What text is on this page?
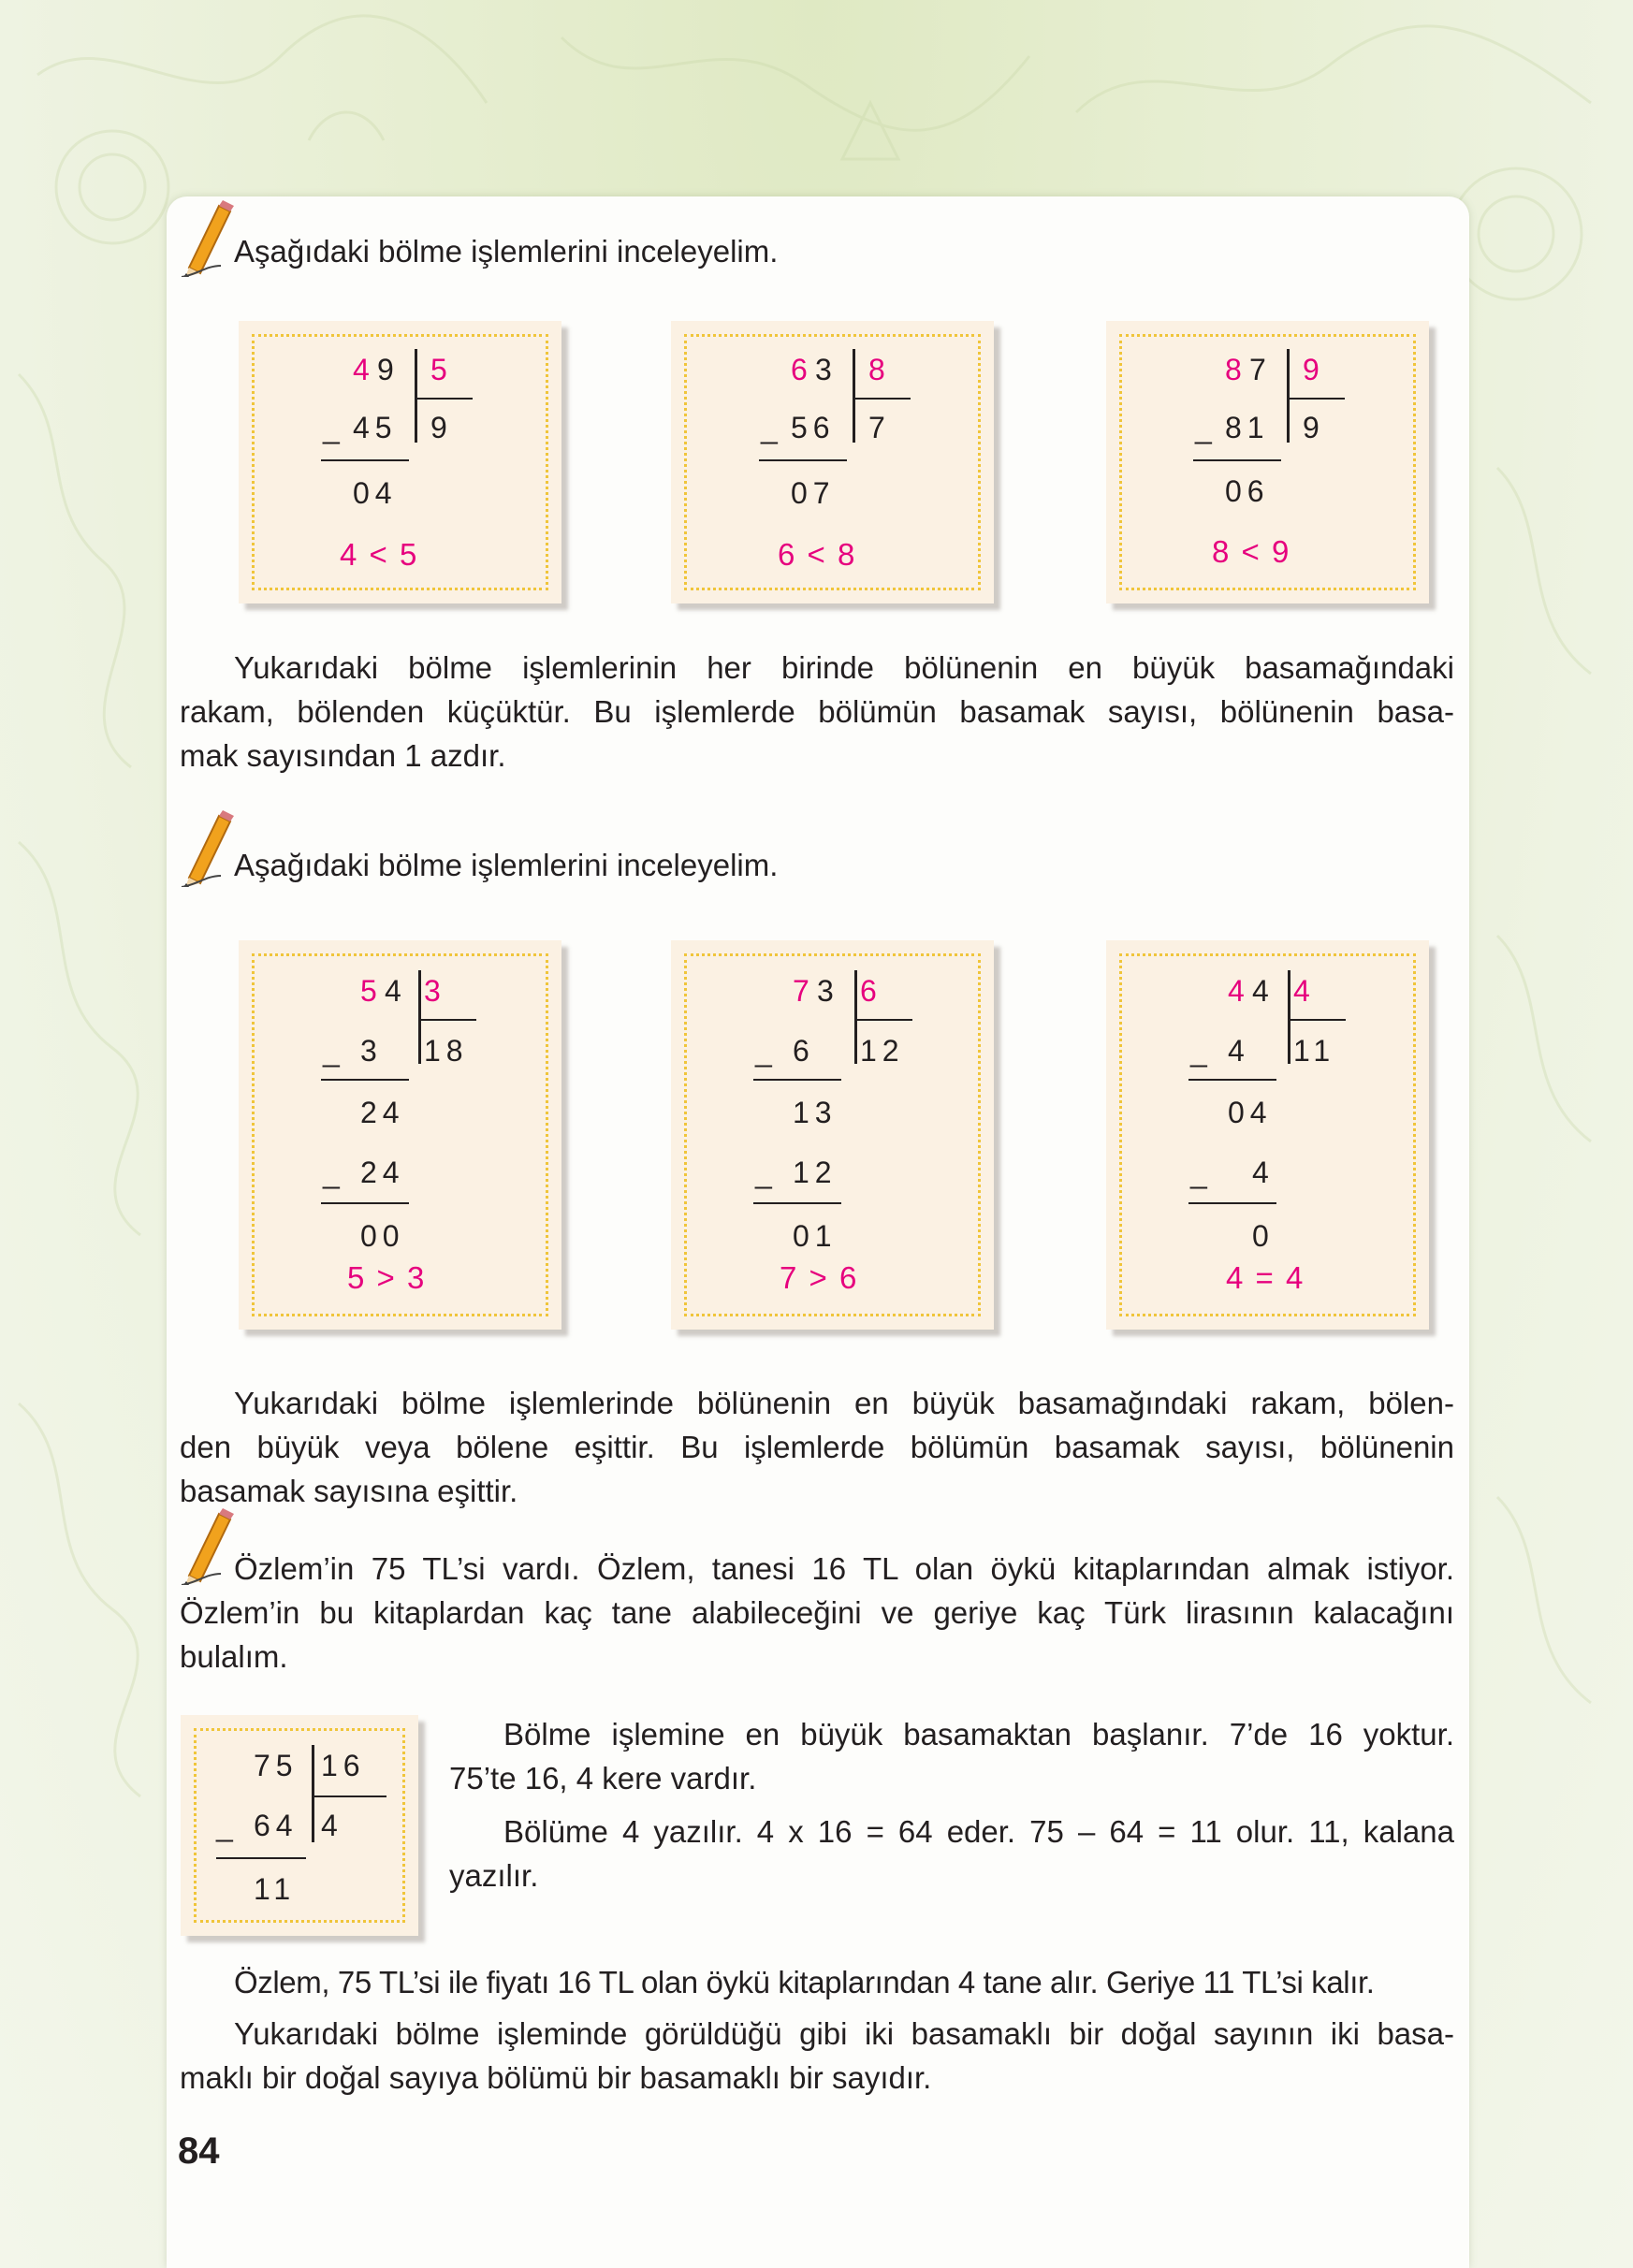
Aşağıdaki bölme işlemlerini inceleyelim.
4 9 5
_ 45 9
04
4 < 5
6 3 8
_ 56 7
07
6 < 8
8 7 9
_ 81 9
06
8 < 9
Yukarıdaki bölme işlemlerinin her birinde bölünenin en büyük basamağındaki
rakam, bölenden küçüktür. Bu işlemlerde bölümün basamak sayısı, bölünenin basa-
mak sayısından 1 azdır.
Aşağıdaki bölme işlemlerini inceleyelim.
5 4 3
_ 3 18
24
_ 24
00
5 > 3
7 3 6
_ 6 12
13
_ 12
01
7 > 6
4 4 4
_ 4 11
04
_ 4
0
4 = 4
Yukarıdaki bölme işlemlerinde bölünenin en büyük basamağındaki rakam, bölen-
den büyük veya bölene eşittir. Bu işlemlerde bölümün basamak sayısı, bölünenin
basamak sayısına eşittir.
Özlem’in 75 TL’si vardı. Özlem, tanesi 16 TL olan öykü kitaplarından almak istiyor.
Özlem’in bu kitaplardan kaç tane alabileceğini ve geriye kaç Türk lirasının kalacağını
bulalım.
75 16
_ 64 4
11
Bölme işlemine en büyük basamaktan başlanır. 7’de 16 yoktur.
75’te 16, 4 kere vardır.
Bölüme 4 yazılır. 4 x 16 = 64 eder. 75 – 64 = 11 olur. 11, kalana
yazılır.
Özlem, 75 TL’si ile fiyatı 16 TL olan öykü kitaplarından 4 tane alır. Geriye 11 TL’si kalır.
Yukarıdaki bölme işleminde görüldüğü gibi iki basamaklı bir doğal sayının iki basa-
maklı bir doğal sayıya bölümü bir basamaklı bir sayıdır.
84
